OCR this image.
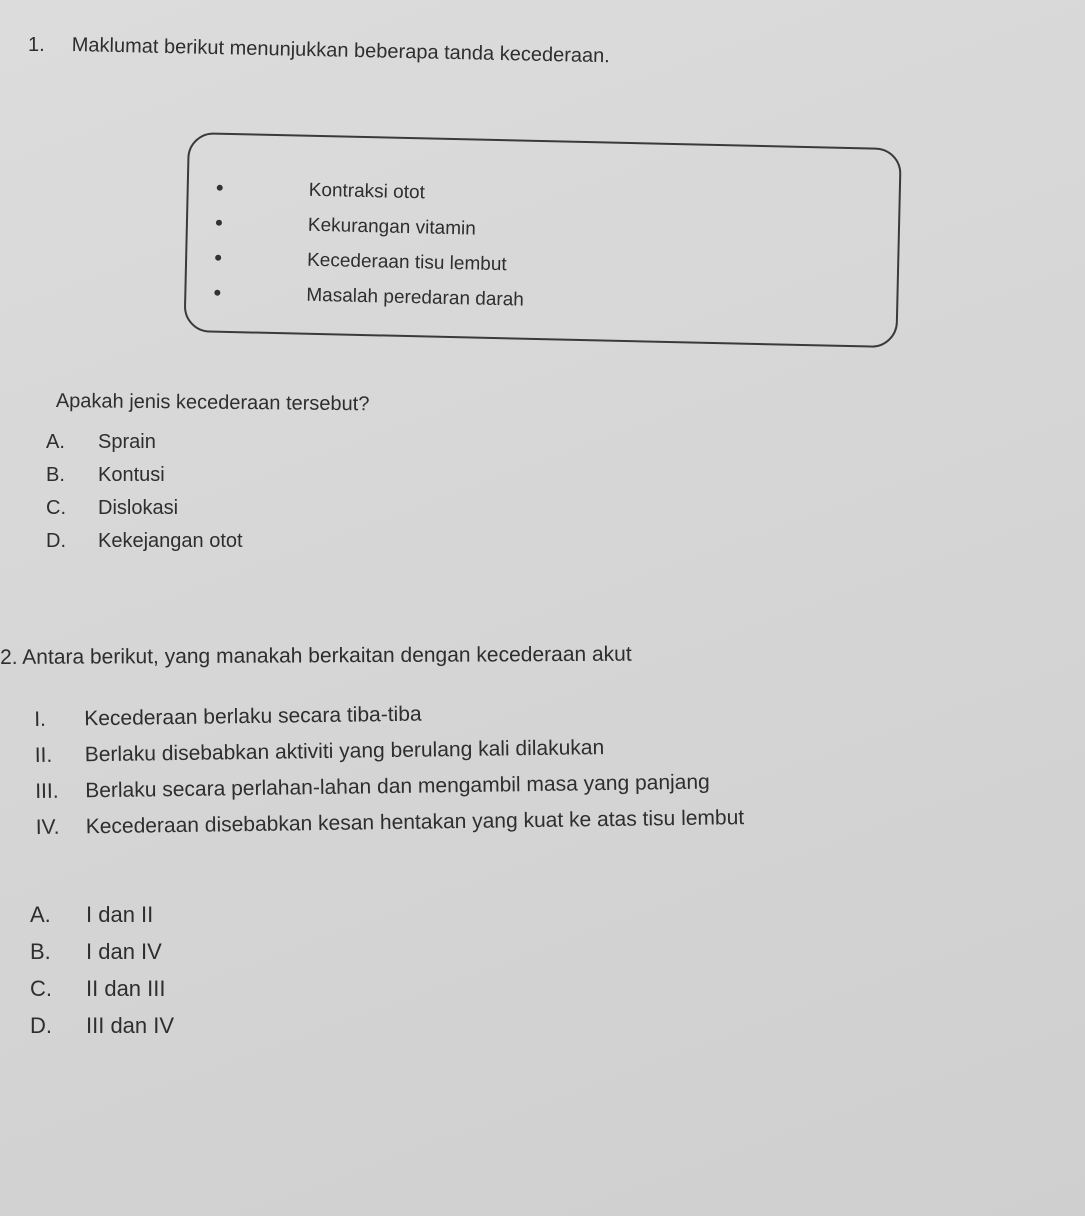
1. Maklumat berikut menunjukkan beberapa tanda kecederaan.
Kontraksi otot
Kekurangan vitamin
Kecederaan tisu lembut
Masalah peredaran darah
Apakah jenis kecederaan tersebut?
A. Sprain
B. Kontusi
C. Dislokasi
D. Kekejangan otot
2. Antara berikut, yang manakah berkaitan dengan kecederaan akut
I. Kecederaan berlaku secara tiba-tiba
II. Berlaku disebabkan aktiviti yang berulang kali dilakukan
III. Berlaku secara perlahan-lahan dan mengambil masa yang panjang
IV. Kecederaan disebabkan kesan hentakan yang kuat ke atas tisu lembut
A. I dan II
B. I dan IV
C. II dan III
D. III dan IV
